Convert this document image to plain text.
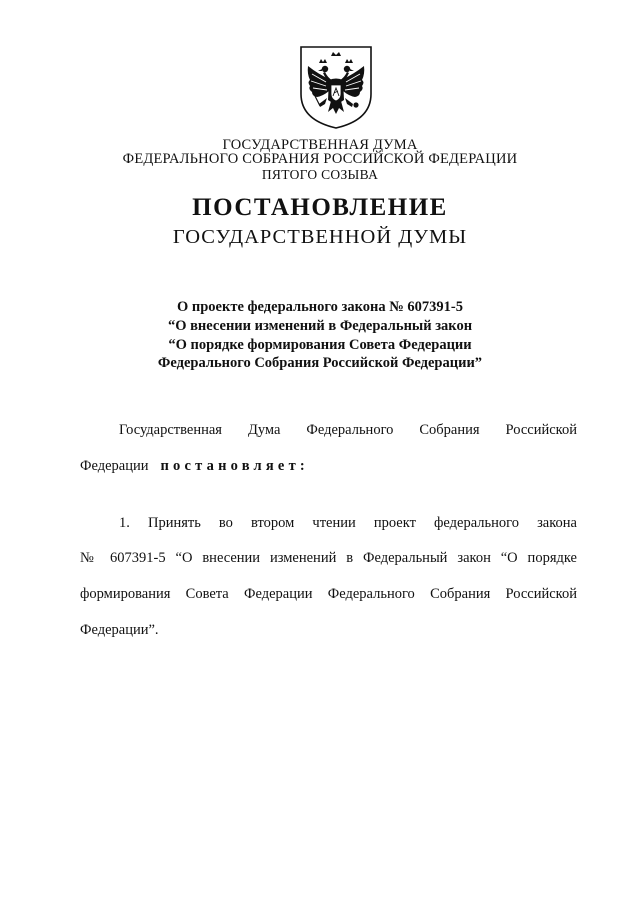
ГОСУДАРСТВЕННАЯ ДУМА
ФЕДЕРАЛЬНОГО СОБРАНИЯ РОССИЙСКОЙ ФЕДЕРАЦИИ
ПЯТОГО СОЗЫВА
ПОСТАНОВЛЕНИЕ
ГОСУДАРСТВЕННОЙ ДУМЫ
О проекте федерального закона № 607391-5
“О внесении изменений в Федеральный закон
“О порядке формирования Совета Федерации
Федерального Собрания Российской Федерации”
Государственная Дума Федерального Собрания Российской
Федерации постановляет:
1. Принять во втором чтении проект федерального закона
№ 607391-5 “О внесении изменений в Федеральный закон “О порядке
формирования Совета Федерации Федерального Собрания Российской
Федерации”.
